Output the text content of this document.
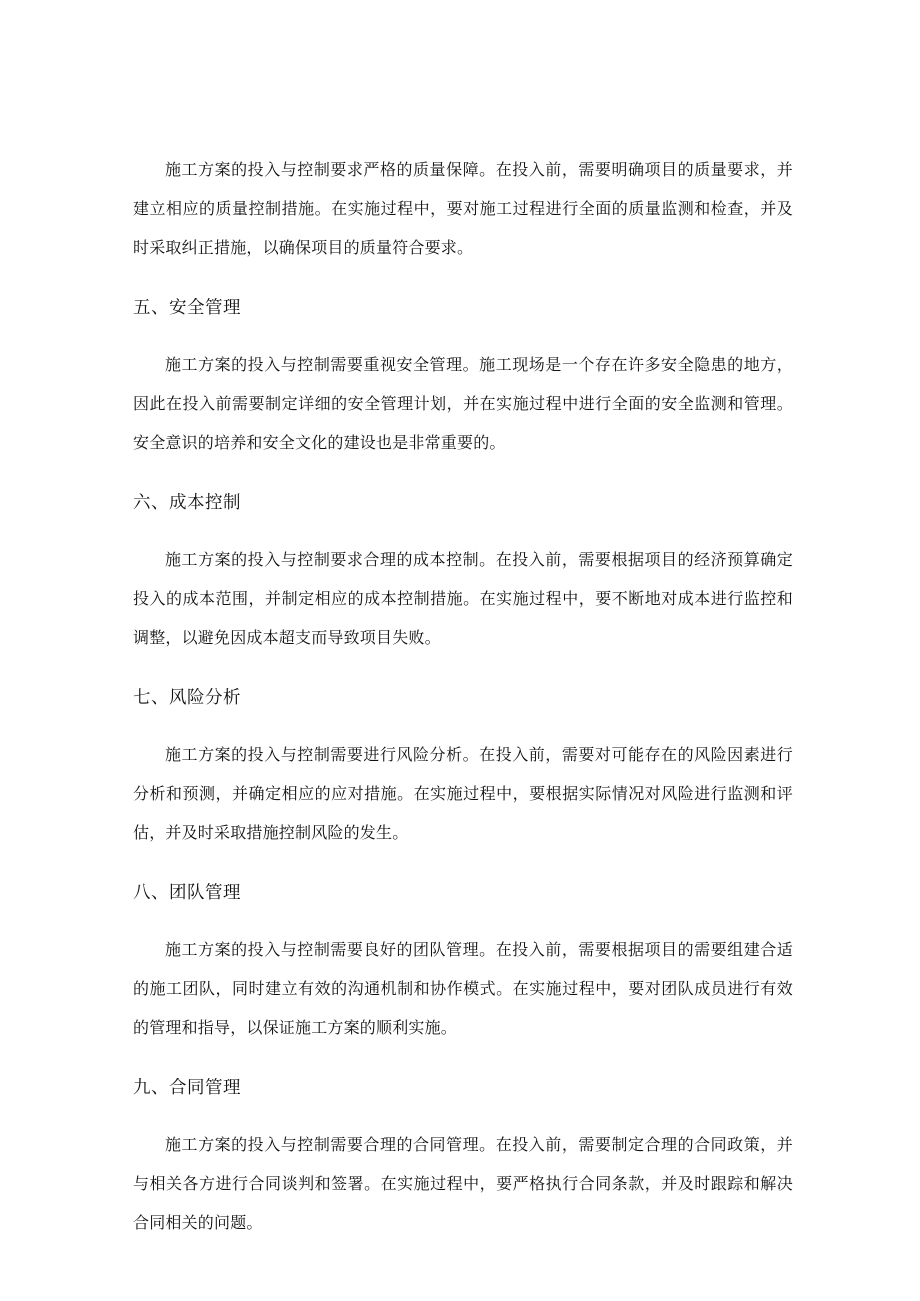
施工方案的投入与控制要求严格的质量保障。在投入前，需要明确项目的质量要求，并建立相应的质量控制措施。在实施过程中，要对施工过程进行全面的质量监测和检查，并及时采取纠正措施，以确保项目的质量符合要求。

五、安全管理

施工方案的投入与控制需要重视安全管理。施工现场是一个存在许多安全隐患的地方，因此在投入前需要制定详细的安全管理计划，并在实施过程中进行全面的安全监测和管理。安全意识的培养和安全文化的建设也是非常重要的。

六、成本控制

施工方案的投入与控制要求合理的成本控制。在投入前，需要根据项目的经济预算确定投入的成本范围，并制定相应的成本控制措施。在实施过程中，要不断地对成本进行监控和调整，以避免因成本超支而导致项目失败。

七、风险分析

施工方案的投入与控制需要进行风险分析。在投入前，需要对可能存在的风险因素进行分析和预测，并确定相应的应对措施。在实施过程中，要根据实际情况对风险进行监测和评估，并及时采取措施控制风险的发生。

八、团队管理

施工方案的投入与控制需要良好的团队管理。在投入前，需要根据项目的需要组建合适的施工团队，同时建立有效的沟通机制和协作模式。在实施过程中，要对团队成员进行有效的管理和指导，以保证施工方案的顺利实施。

九、合同管理

施工方案的投入与控制需要合理的合同管理。在投入前，需要制定合理的合同政策，并与相关各方进行合同谈判和签署。在实施过程中，要严格执行合同条款，并及时跟踪和解决合同相关的问题。
